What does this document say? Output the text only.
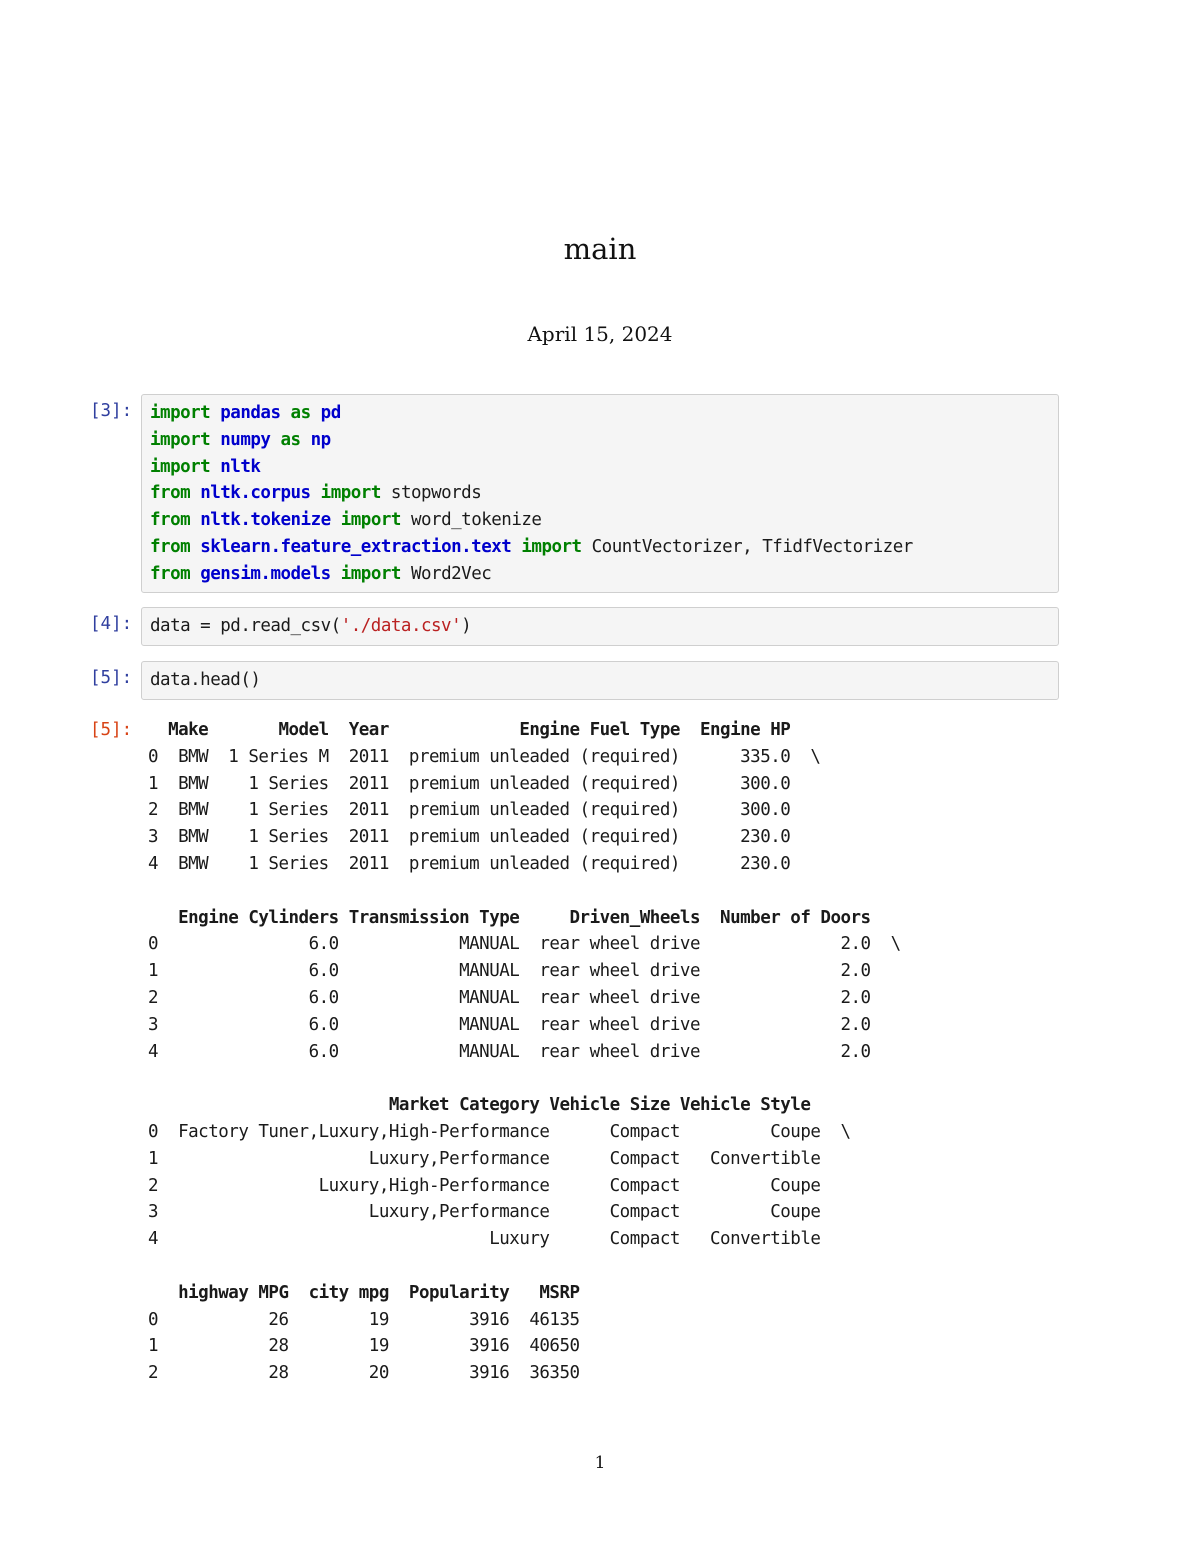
main
April 15, 2024
[3]:	import pandas as pd
import numpy as np
import nltk
from nltk.corpus import stopwords
from nltk.tokenize import word_tokenize
from sklearn.feature_extraction.text import CountVectorizer, TfidfVectorizer
from gensim.models import Word2Vec
[4]:	data = pd.read_csv('./data.csv')
[5]:	data.head()
[5]: Make       Model  Year             Engine Fuel Type  Engine HP
0  BMW  1 Series M  2011  premium unleaded (required)      335.0  \
1  BMW    1 Series  2011  premium unleaded (required)      300.0
2  BMW    1 Series  2011  premium unleaded (required)      300.0
3  BMW    1 Series  2011  premium unleaded (required)      230.0
4  BMW    1 Series  2011  premium unleaded (required)      230.0

Engine Cylinders Transmission Type     Driven_Wheels  Number of Doors
0               6.0            MANUAL  rear wheel drive              2.0  \
1               6.0            MANUAL  rear wheel drive              2.0
2               6.0            MANUAL  rear wheel drive              2.0
3               6.0            MANUAL  rear wheel drive              2.0
4               6.0            MANUAL  rear wheel drive              2.0

Market Category Vehicle Size Vehicle Style
0  Factory Tuner,Luxury,High-Performance      Compact         Coupe  \
1                     Luxury,Performance      Compact   Convertible
2                Luxury,High-Performance      Compact         Coupe
3                     Luxury,Performance      Compact         Coupe
4                                 Luxury      Compact   Convertible

highway MPG  city mpg  Popularity   MSRP
0           26        19        3916  46135
1           28        19        3916  40650
2           28        20        3916  36350
1
